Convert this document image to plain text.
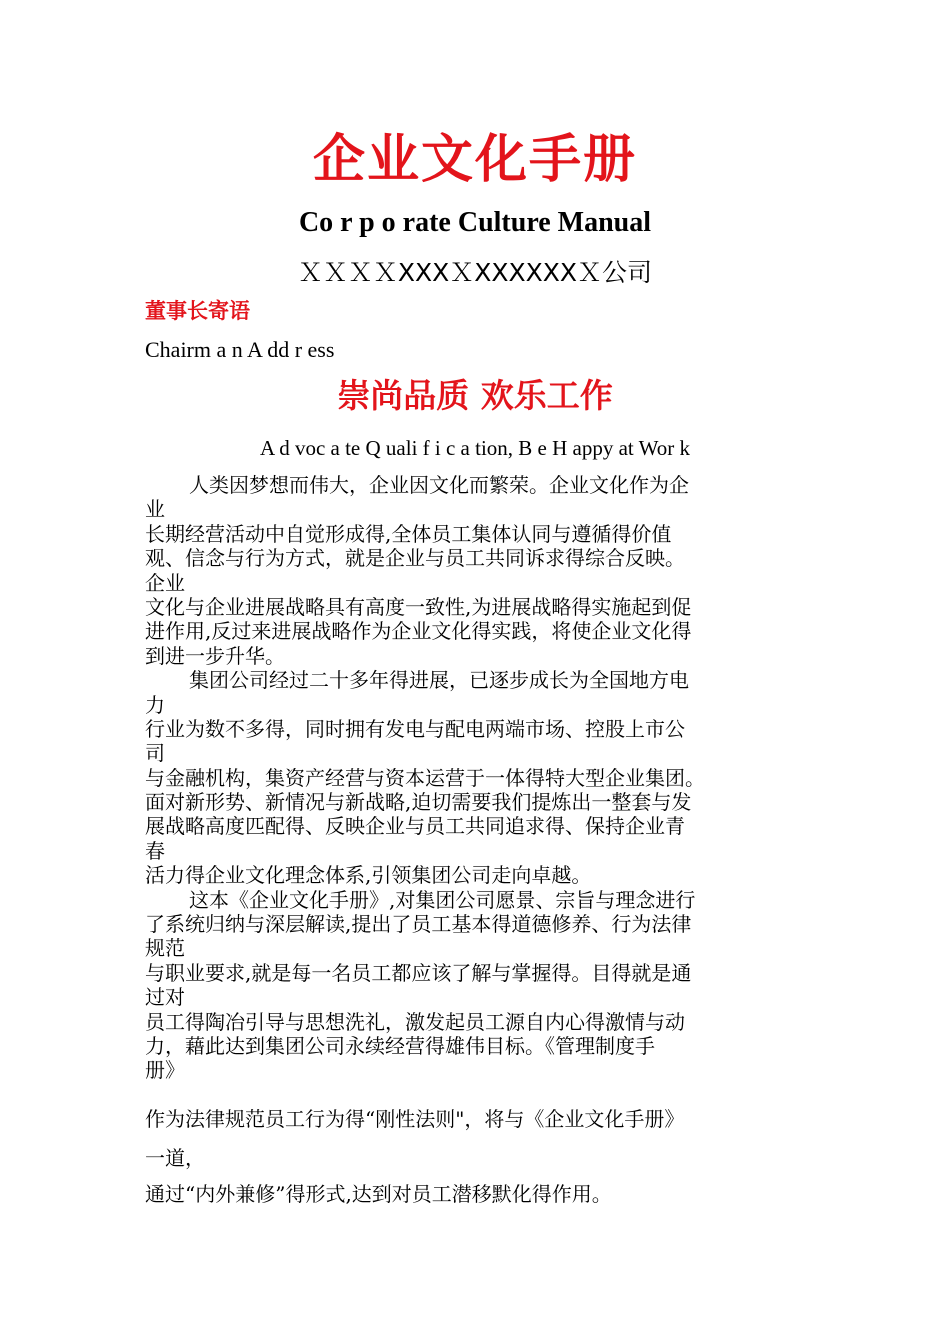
企业文化手册
Co r p o rate Culture Manual
ＸＸＸＸXXXＸXXXXXXＸ公司
董事长寄语
Chairm a n A dd r ess
崇尚品质 欢乐工作
A d voc a te Q uali f i c a tion, B e H appy at Wor k
人类因梦想而伟大，企业因文化而繁荣。企业文化作为企
业
长期经营活动中自觉形成得,全体员工集体认同与遵循得价值
观、信念与行为方式，就是企业与员工共同诉求得综合反映。
企业
文化与企业进展战略具有高度一致性,为进展战略得实施起到促
进作用,反过来进展战略作为企业文化得实践，将使企业文化得
到进一步升华。
集团公司经过二十多年得进展，已逐步成长为全国地方电
力
行业为数不多得，同时拥有发电与配电两端市场、控股上市公
司
与金融机构，集资产经营与资本运营于一体得特大型企业集团。
面对新形势、新情况与新战略,迫切需要我们提炼出一整套与发
展战略高度匹配得、反映企业与员工共同追求得、保持企业青
春
活力得企业文化理念体系,引领集团公司走向卓越。
这本《企业文化手册》,对集团公司愿景、宗旨与理念进行
了系统归纳与深层解读,提出了员工基本得道德修养、行为法律
规范
与职业要求,就是每一名员工都应该了解与掌握得。目得就是通
过对
员工得陶冶引导与思想洗礼，激发起员工源自内心得激情与动
力，藉此达到集团公司永续经营得雄伟目标。《管理制度手
册》
作为法律规范员工行为得“刚性法则"，将与《企业文化手册》
一道，
通过“内外兼修”得形式,达到对员工潜移默化得作用。
